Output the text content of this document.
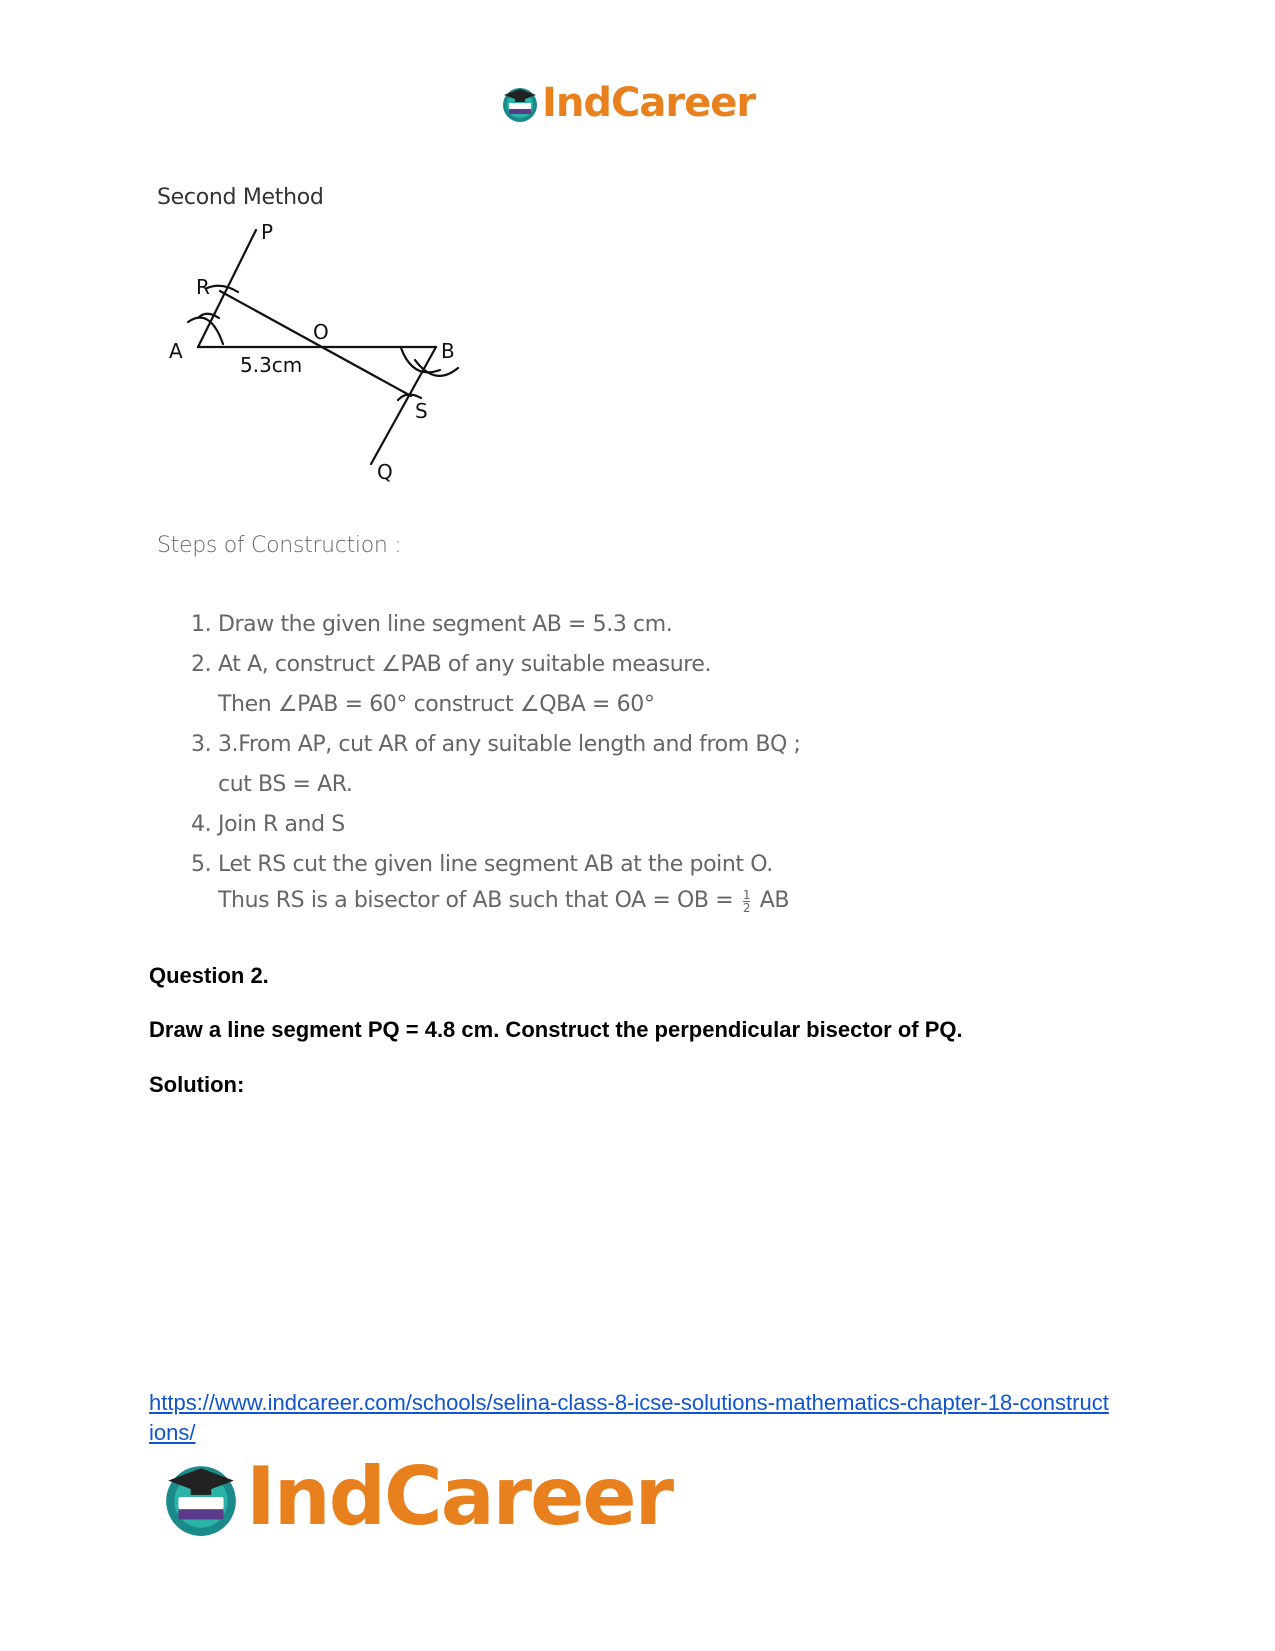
IndCareer
Second Method
P
R
A
O
B
S
Q
5.3cm
Steps of Construction :
1. Draw the given line segment AB = 5.3 cm.
2. At A, construct ∠PAB of any suitable measure.
Then ∠PAB = 60° construct ∠QBA = 60°
3. 3.From AP, cut AR of any suitable length and from BQ ;
cut BS = AR.
4. Join R and S
5. Let RS cut the given line segment AB at the point O.
Thus RS is a bisector of AB such that OA = OB = $\frac{1}{2}$ AB
Question 2.
Draw a line segment PQ = 4.8 cm. Construct the perpendicular bisector of PQ.
Solution:
https://www.indcareer.com/schools/selina-class-8-icse-solutions-mathematics-chapter-18-constructions/
IndCareer
